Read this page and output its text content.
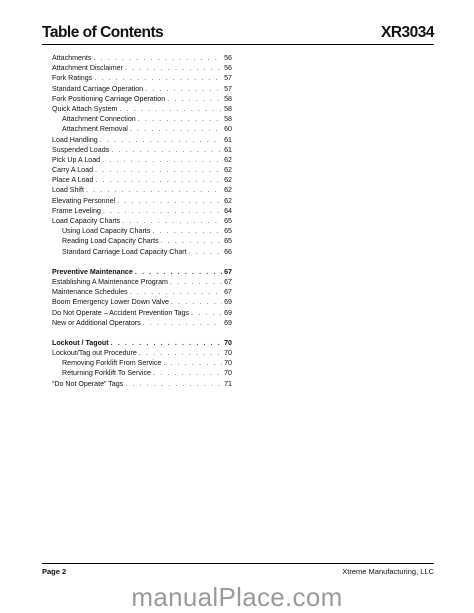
Table of Contents	XR3034
Attachments . . .	56
Attachment Disclaimer . . .	56
Fork Ratings . . .	57
Standard Carriage Operation . . .	57
Fork Positioning Carriage Operation . . .	58
Quick Attach System . . .	58
Attachment Connection . . .	58
Attachment Removal . . .	60
Load Handling . . .	61
Suspended Loads . . .	61
Pick Up A Load . . .	62
Carry A Load . . .	62
Place A Load . . .	62
Load Shift . . .	62
Elevating Personnel . . .	62
Frame Leveling . . .	64
Load Capacity Charts . . .	65
Using Load Capacity Charts . . .	65
Reading Load Capacity Charts . . .	65
Standard Carriage Load Capacity Chart . . .	66
Preventive Maintenance . . .	67
Establishing A Maintenance Program . . .	67
Maintenance Schedules . . .	67
Boom Emergency Lower Down Valve . . .	69
Do Not Operate – Accident Prevention Tags . . .	69
New or Additional Operators . . .	69
Lockout / Tagout . . .	70
Lockout/Tag out Procedure . . .	70
Removing Forklift From Service . . .	70
Returning Forklift To Service . . .	70
“Do Not Operate” Tags . . .	71
Page 2	Xtreme Manufacturing, LLC
manualPlace.com
